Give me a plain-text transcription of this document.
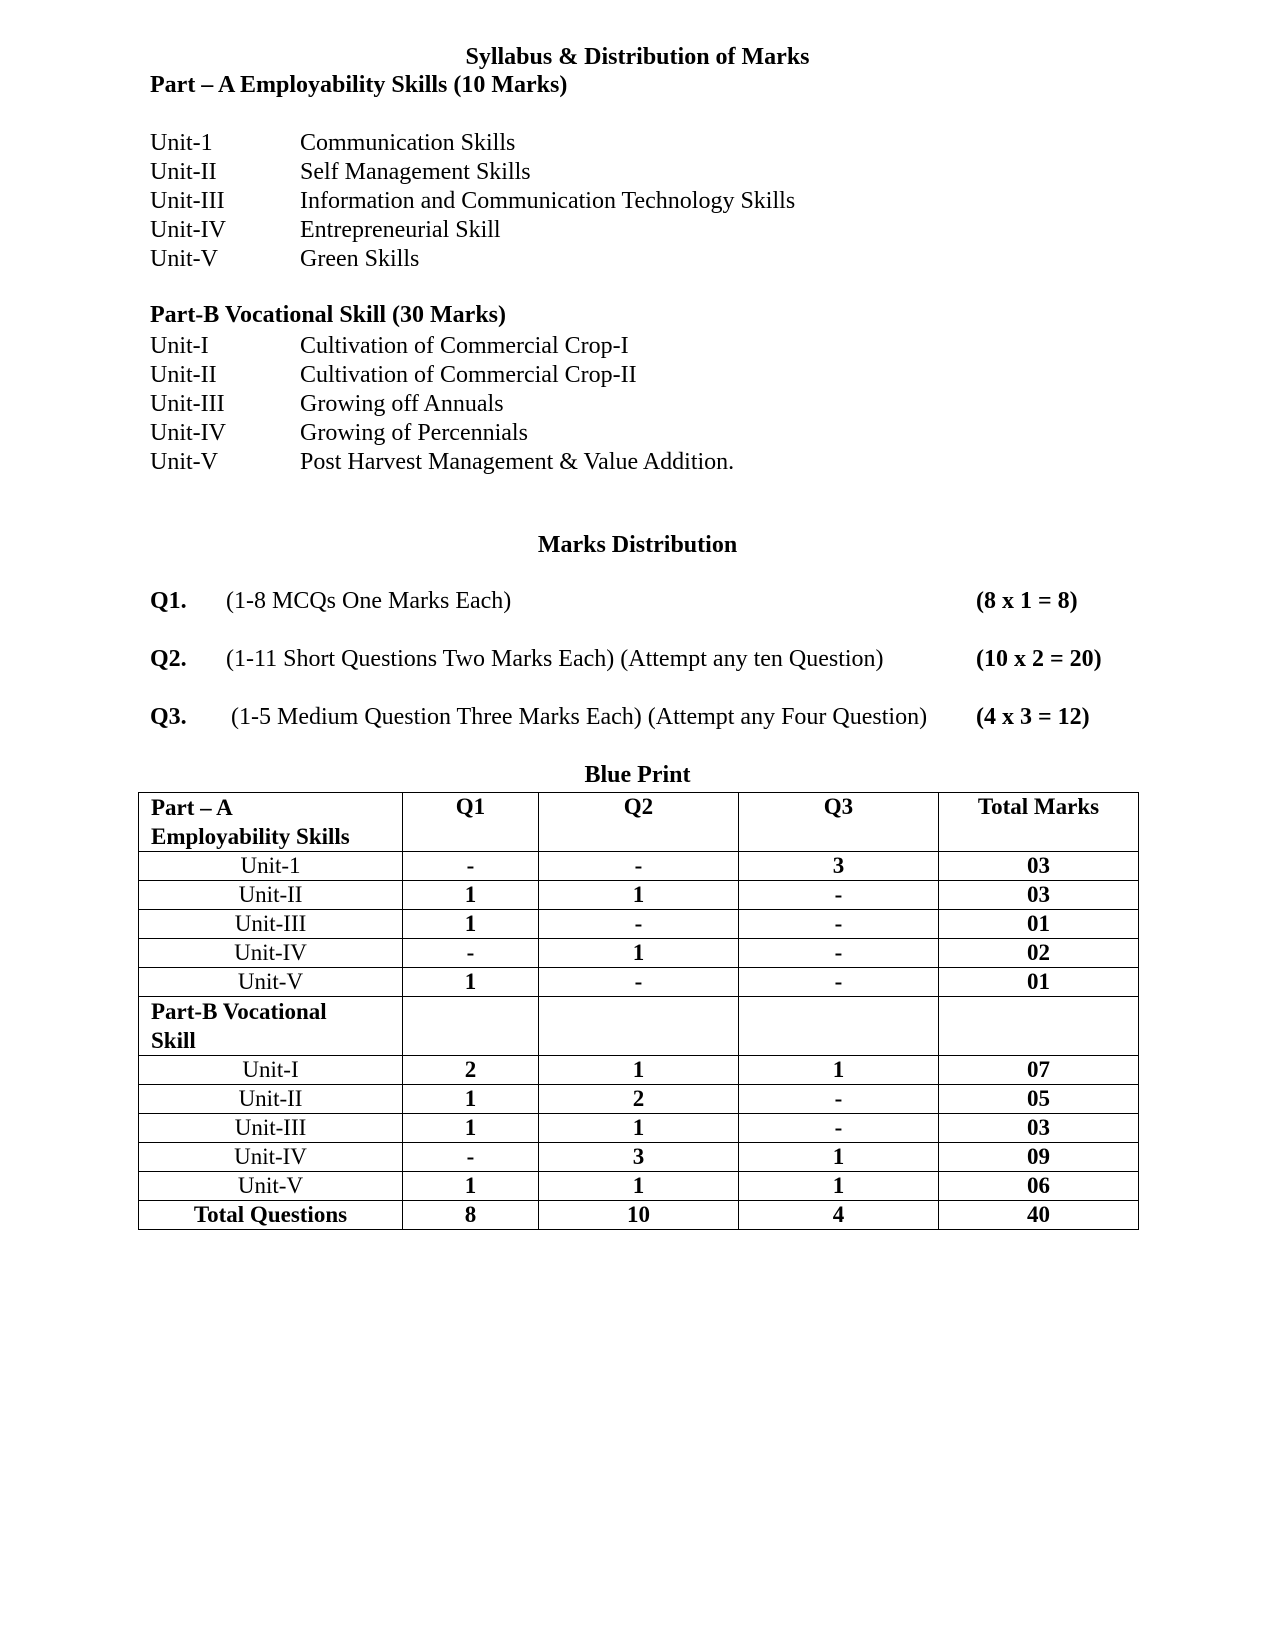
Syllabus & Distribution of Marks
Part – A Employability Skills (10 Marks)
Unit-1	Communication Skills
Unit-II	Self Management Skills
Unit-III	Information and Communication Technology Skills
Unit-IV	Entrepreneurial Skill
Unit-V	Green Skills
Part-B Vocational Skill (30 Marks)
Unit-I	Cultivation of Commercial Crop-I
Unit-II	Cultivation of Commercial Crop-II
Unit-III	Growing off Annuals
Unit-IV	Growing of Percennials
Unit-V	Post Harvest Management & Value Addition.
Marks Distribution
Q1. (1-8 MCQs One Marks Each)	(8 x 1 = 8)
Q2. (1-11 Short Questions Two Marks Each) (Attempt any ten Question)	(10 x 2 = 20)
Q3. (1-5 Medium Question Three Marks Each) (Attempt any Four Question) (4 x 3 = 12)
Blue Print
Part – A
Employability Skills	Q1	Q2	Q3	Total Marks
Unit-1	-	-	3	03
Unit-II	1	1	-	03
Unit-III	1	-	-	01
Unit-IV	-	1	-	02
Unit-V	1	-	-	01

Part-B Vocational
Skill				

Unit-I	2	1	1	07
Unit-II	1	2	-	05
Unit-III	1	1	-	03
Unit-IV	-	3	1	09
Unit-V	1	1	1	06
Total Questions	8	10	4	40
